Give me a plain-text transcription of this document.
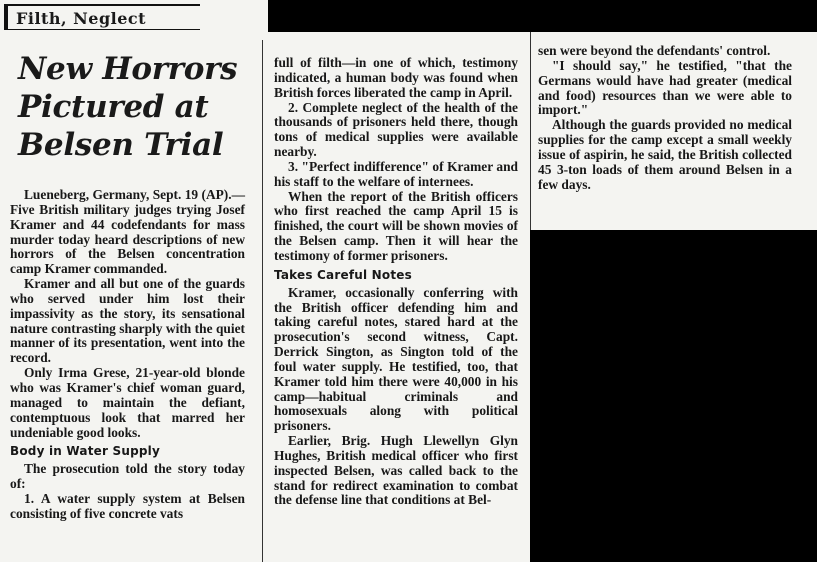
Filth, Neglect
New Horrors
Pictured at
Belsen Trial

Lueneberg, Germany, Sept. 19 (AP).—Five British military judges trying Josef Kramer and 44 codefendants for mass murder today heard descriptions of new horrors of the Belsen concentration camp Kramer commanded.

Kramer and all but one of the guards who served under him lost their impassivity as the story, its sensational nature contrasting sharply with the quiet manner of its presentation, went into the record.

Only Irma Grese, 21-year-old blonde who was Kramer's chief woman guard, managed to maintain the defiant, contemptuous look that marred her undeniable good looks.

Body in Water Supply

The prosecution told the story today of:

1. A water supply system at Belsen consisting of five concrete vats

full of filth—in one of which, testimony indicated, a human body was found when British forces liberated the camp in April.

2. Complete neglect of the health of the thousands of prisoners held there, though tons of medical supplies were available nearby.

3. "Perfect indifference" of Kramer and his staff to the welfare of internees.

When the report of the British officers who first reached the camp April 15 is finished, the court will be shown movies of the Belsen camp. Then it will hear the testimony of former prisoners.

Takes Careful Notes

Kramer, occasionally conferring with the British officer defending him and taking careful notes, stared hard at the prosecution's second witness, Capt. Derrick Sington, as Sington told of the foul water supply. He testified, too, that Kramer told him there were 40,000 in his camp—habitual criminals and homosexuals along with political prisoners.

Earlier, Brig. Hugh Llewellyn Glyn Hughes, British medical officer who first inspected Belsen, was called back to the stand for redirect examination to combat the defense line that conditions at Bel-

sen were beyond the defendants' control.

"I should say," he testified, "that the Germans would have had greater (medical and food) resources than we were able to import."

Although the guards provided no medical supplies for the camp except a small weekly issue of aspirin, he said, the British collected 45 3-ton loads of them around Belsen in a few days.
